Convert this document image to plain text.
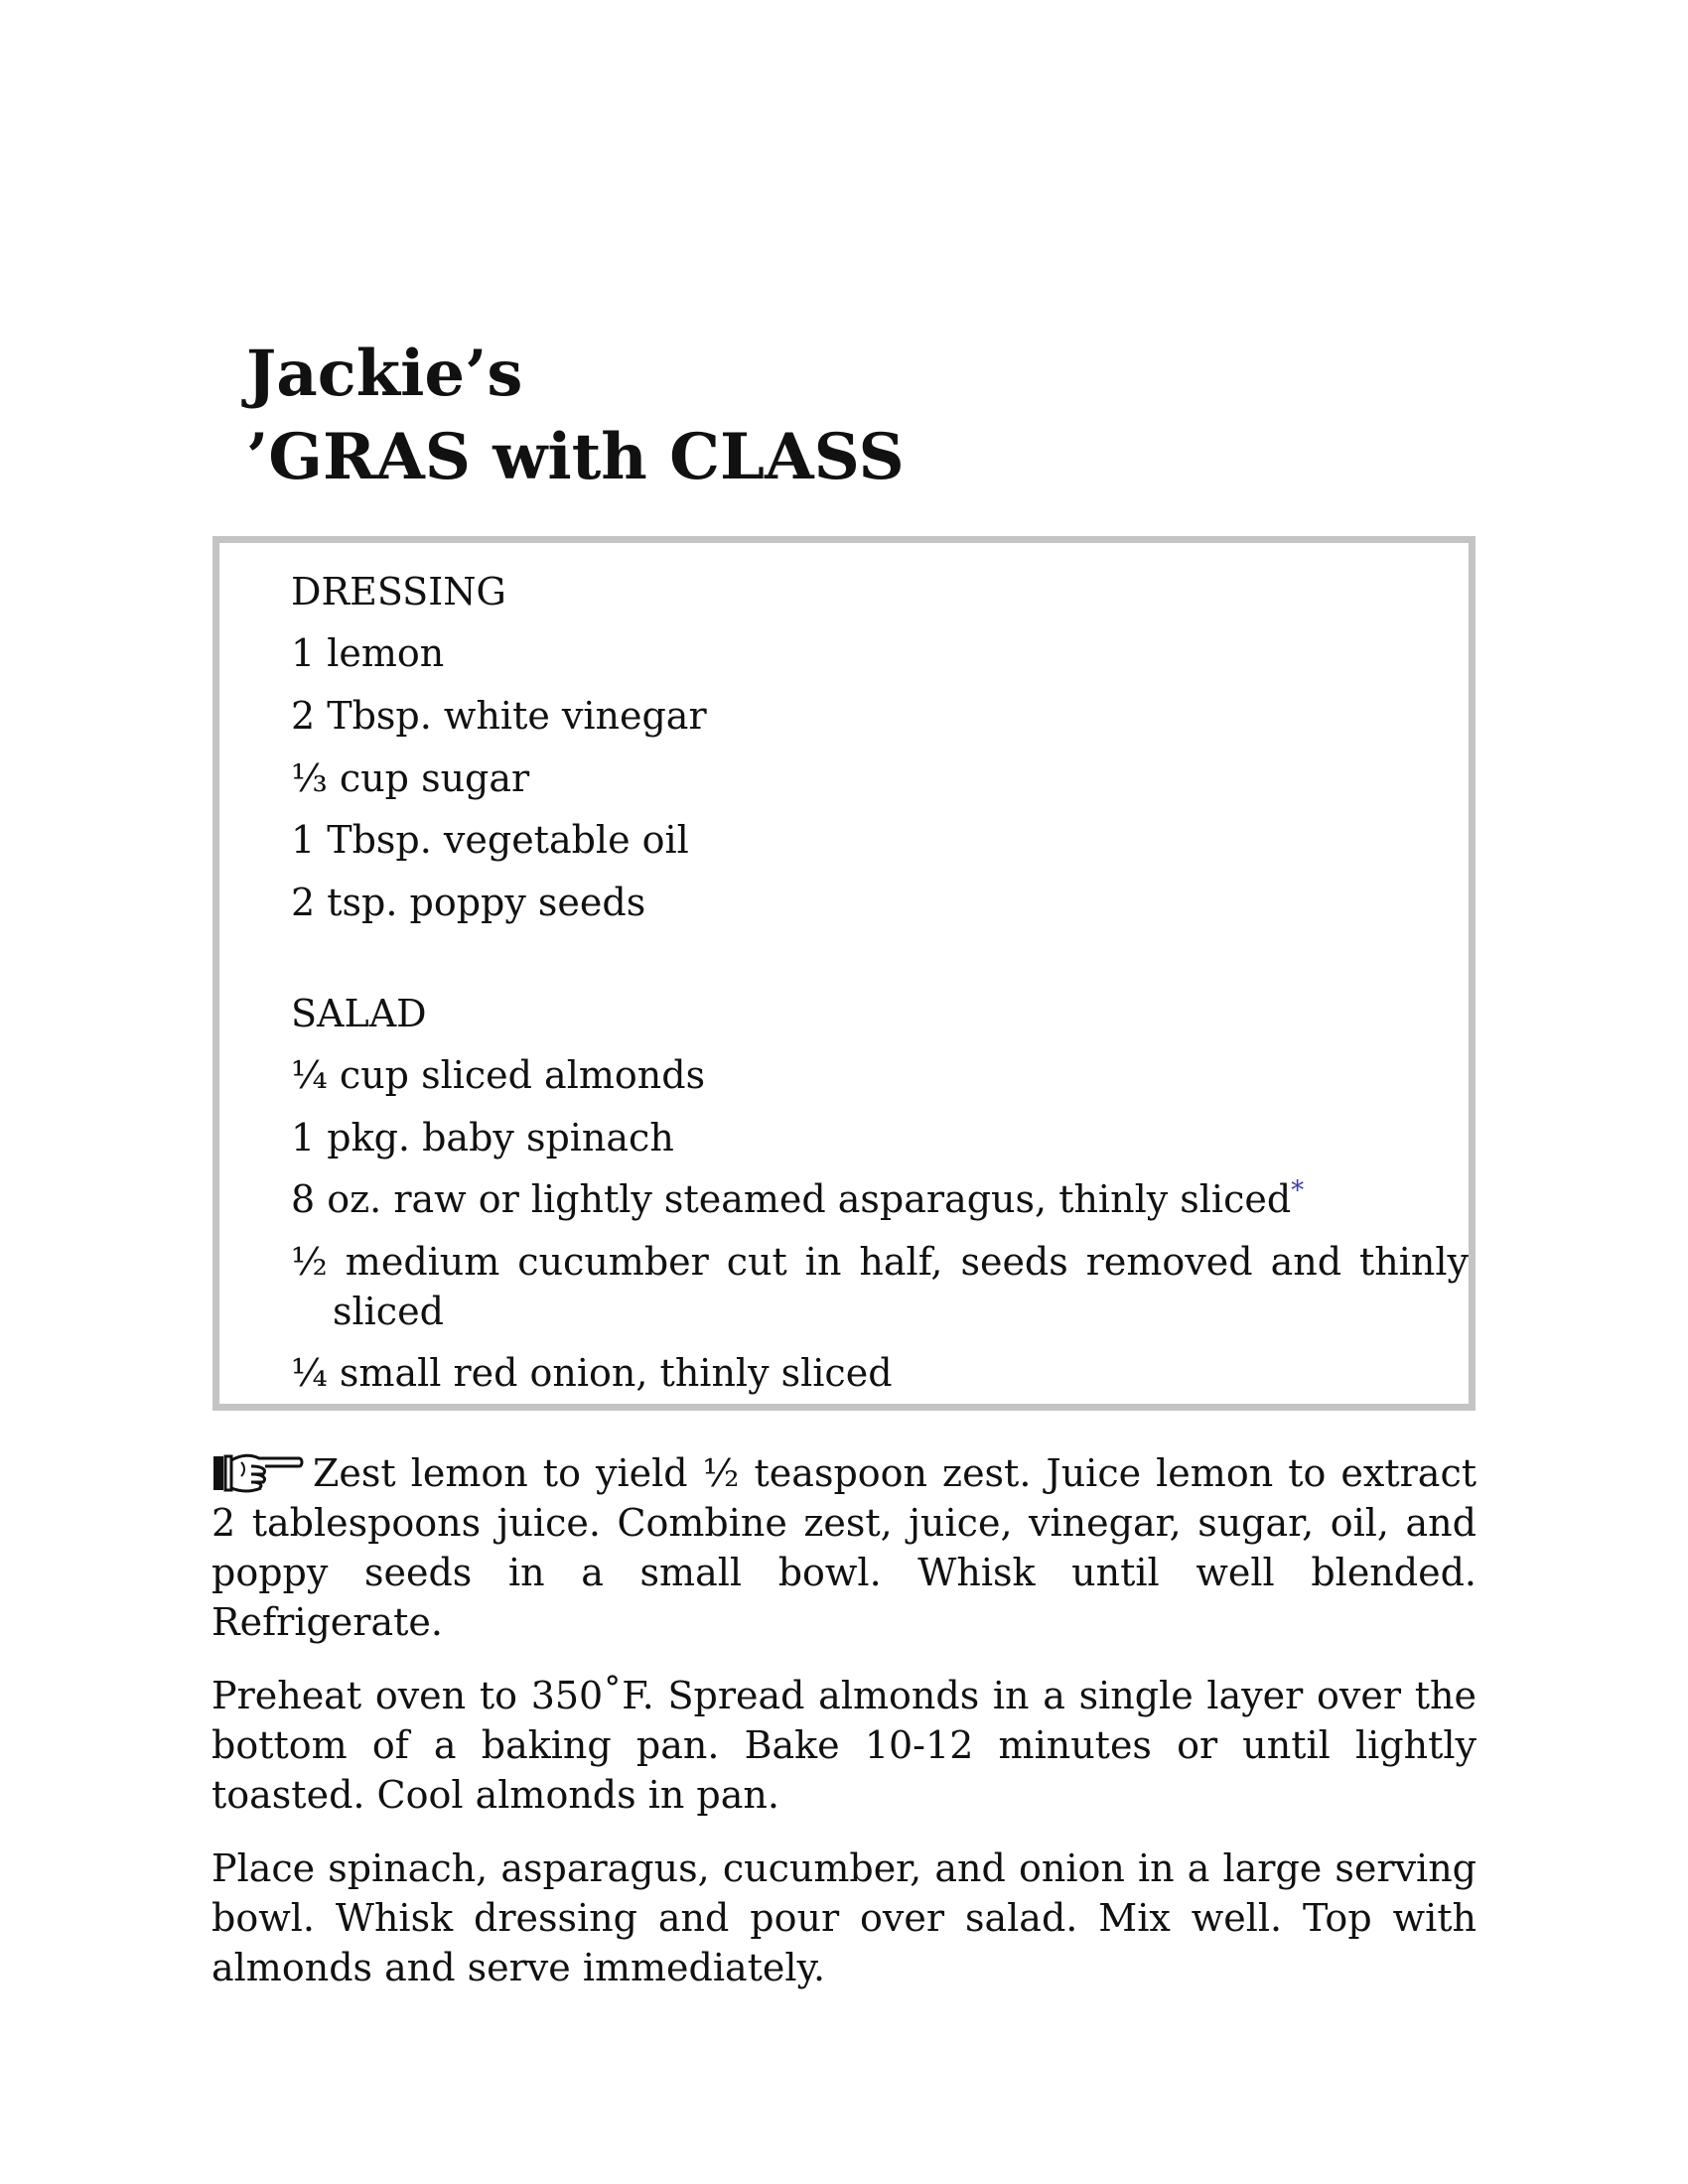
Jackie’s
’GRAS with CLASS
DRESSING
1 lemon
2 Tbsp. white vinegar
⅓ cup sugar
1 Tbsp. vegetable oil
2 tsp. poppy seeds
SALAD
¼ cup sliced almonds
1 pkg. baby spinach
8 oz. raw or lightly steamed asparagus, thinly sliced*
½ medium cucumber cut in half, seeds removed and thinly sliced
¼ small red onion, thinly sliced

Zest lemon to yield ½ teaspoon zest. Juice lemon to extract 2 tablespoons juice. Combine zest, juice, vinegar, sugar, oil, and poppy seeds in a small bowl. Whisk until well blended. Refrigerate.

Preheat oven to 350˚F. Spread almonds in a single layer over the bottom of a baking pan. Bake 10-12 minutes or until lightly toasted. Cool almonds in pan.

Place spinach, asparagus, cucumber, and onion in a large serving bowl. Whisk dressing and pour over salad. Mix well. Top with almonds and serve immediately.
